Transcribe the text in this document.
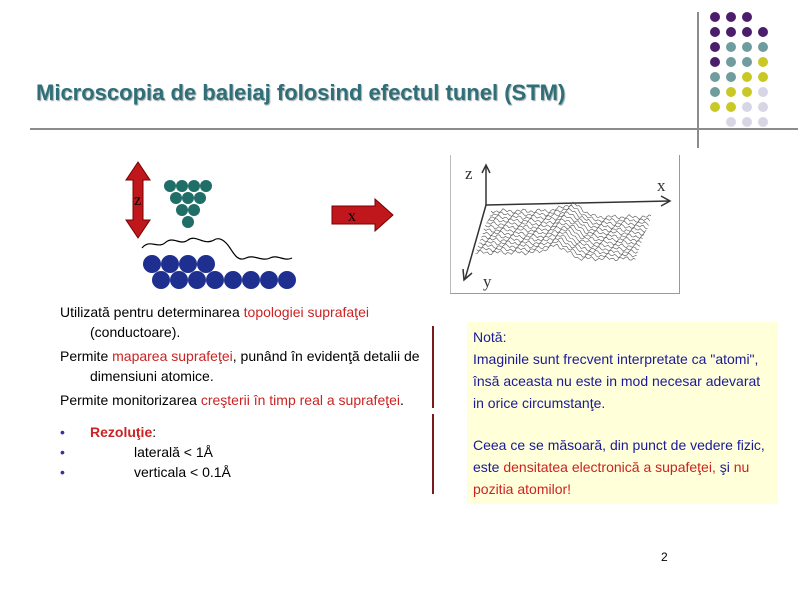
Microscopia de baleiaj folosind efectul tunel (STM)
z
x
z
x
y

Utilizată pentru determinarea topologiei suprafaţei (conductoare).

Permite maparea suprafeţei, punând în evidenţă detalii de dimensiuni atomice.

Permite monitorizarea creşterii în timp real a suprafeţei.

• Rezoluţie:
•	laterală < 1Å
•	verticala < 0.1Å

Notă:

Imaginile sunt frecvent interpretate ca "atomi", însă aceasta nu este in mod necesar adevarat in orice circumstanţe.

Ceea ce se măsoară, din punct de vedere fizic, este densitatea electronică a supafeţei, şi nu pozitia atomilor!

2
